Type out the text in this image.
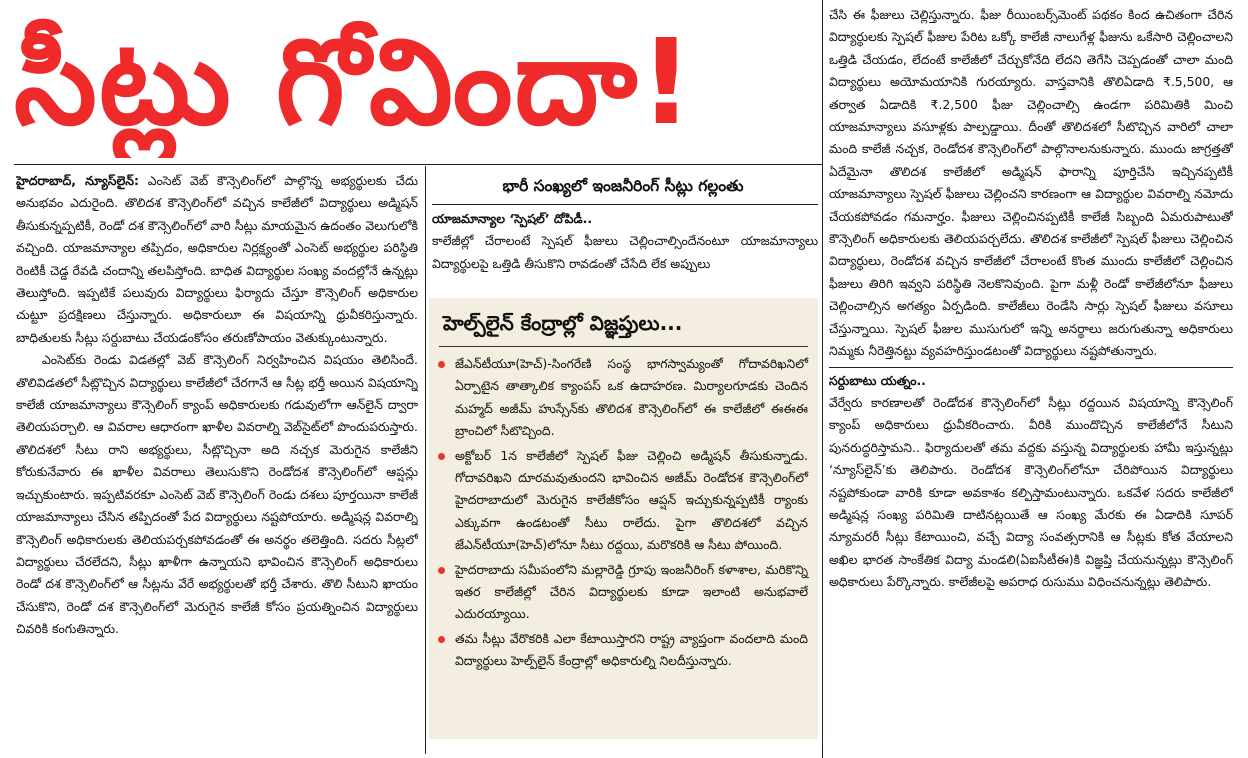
సీట్లు గోవిందా!

హైదరాబాద్, న్యూస్‌లైన్: ఎంసెట్ వెబ్ కౌన్సెలింగ్‌లో పాల్గొన్న అభ్యర్థులకు చేదు అనుభవం ఎదురైంది. తొలిదశ కౌన్సెలింగ్‌లో వచ్చిన కాలేజీలో విద్యార్థులు అడ్మిషన్ తీసుకున్నప్పటికీ, రెండో దశ కౌన్సెలింగ్‌లో వారి సీట్లు మాయమైన ఉదంతం వెలుగులోకి వచ్చింది. యాజమాన్యాల తప్పిదం, అధికారుల నిర్లక్ష్యంతో ఎంసెట్ అభ్యర్థుల పరిస్థితి రెంటికీ చెడ్డ రేవడి చందాన్ని తలపిస్తోంది. బాధిత విద్యార్థుల సంఖ్య వందల్లోనే ఉన్నట్లు తెలుస్తోంది. ఇప్పటికే పలువురు విద్యార్థులు ఫిర్యాదు చేస్తూ కౌన్సెలింగ్ అధికారుల చుట్టూ ప్రదక్షిణలు చేస్తున్నారు. అధికారులూ ఈ విషయాన్ని ధ్రువీకరిస్తున్నారు. బాధితులకు సీట్లు సర్దుబాటు చేయడంకోసం తరుణోపాయం వెతుక్కుంటున్నారు.

ఎంసెట్‌కు రెండు విడతల్లో వెబ్ కౌన్సెలింగ్ నిర్వహించిన విషయం తెలిసిందే. తొలివిడతలో సీట్లొచ్చిన విద్యార్థులు కాలేజీలో చేరగానే ఆ సీట్ల భర్తీ అయిన విషయాన్ని కాలేజీ యాజమాన్యాలు కౌన్సెలింగ్ క్యాంప్ అధికారులకు గడువులోగా ఆన్‌లైన్ ద్వారా తెలియపర్చాలి. ఆ వివరాల ఆధారంగా ఖాళీల వివరాల్ని వెబ్‌సైట్‌లో పొందుపరుస్తారు. తొలిదశలో సీటు రాని అభ్యర్థులు, సీట్లొచ్చినా అది నచ్చక మెరుగైన కాలేజీని కోరుకునేవారు ఈ ఖాళీల వివరాలు తెలుసుకొని రెండోదశ కౌన్సెలింగ్‌లో ఆప్షన్లు ఇచ్చుకుంటారు. ఇప్పటివరకూ ఎంసెట్ వెబ్ కౌన్సెలింగ్ రెండు దశలు పూర్తయినా కాలేజీ యాజమాన్యాలు చేసిన తప్పిదంతో పేద విద్యార్థులు నష్టపోయారు. అడ్మిషన్ల వివరాల్ని కౌన్సెలింగ్ అధికారులకు తెలియపర్చకపోవడంతో ఈ అనర్థం తలెత్తింది. సదరు సీట్లలో విద్యార్థులు చేరలేదని, సీట్లు ఖాళీగా ఉన్నాయని భావించిన కౌన్సెలింగ్ అధికారులు రెండో దశ కౌన్సెలింగ్‌లో ఆ సీట్లను వేరే అభ్యర్థులతో భర్తీ చేశారు. తొలి సీటుని ఖాయం చేసుకొని, రెండో దశ కౌన్సెలింగ్‌లో మెరుగైన కాలేజీ కోసం ప్రయత్నించిన విద్యార్థులు చివరికి కంగుతిన్నారు.

భారీ సంఖ్యలో ఇంజనీరింగ్ సీట్లు గల్లంతు

యాజమాన్యాల ‘స్పెషల్’ దోపిడీ..

కాలేజీల్లో చేరాలంటే స్పెషల్ ఫీజులు చెల్లించాల్సిందేనంటూ యాజమాన్యాలు విద్యార్థులపై ఒత్తిడి తీసుకొని రావడంతో చేసేది లేక అప్పులు

హెల్ప్‌లైన్ కేంద్రాల్లో విజ్ఞప్తులు...
జేఎన్‌టీయూ(హెచ్)-సింగరేణి సంస్థ భాగస్వామ్యంతో గోదావరిఖనిలో ఏర్పాటైన తాత్కాలిక క్యాంపస్ ఒక ఉదాహరణ. మిర్యాలగూడకు చెందిన మహ్మద్ అజీమ్ హుస్సేన్‌కు తొలిదశ కౌన్సెలింగ్‌లో ఈ కాలేజీలో ఈఈఈ బ్రాంచిలో సీటొచ్చింది.
అక్టోబర్ 1న కాలేజీలో స్పెషల్ ఫీజు చెల్లించి అడ్మిషన్ తీసుకున్నాడు. గోదావరిఖని దూరమవుతుందని భావించిన అజీమ్ రెండోదశ కౌన్సెలింగ్‌లో హైదరాబాదులో మెరుగైన కాలేజీకోసం ఆప్షన్ ఇచ్చుకున్నప్పటికీ ర్యాంకు ఎక్కువగా ఉండటంతో సీటు రాలేదు. పైగా తొలిదశలో వచ్చిన జేఎన్‌టీయూ(హెచ్)లోనూ సీటు రద్దయి, మరొకరికి ఆ సీటు పోయింది.
హైదరాబాదు సమీపంలోని మల్లారెడ్డి గ్రూపు ఇంజనీరింగ్ కళాశాల, మరికొన్ని ఇతర కాలేజీల్లో చేరిన విద్యార్థులకు కూడా ఇలాంటి అనుభవాలే ఎదురయ్యాయి.
తమ సీట్లు వేరొకరికి ఎలా కేటాయిస్తారని రాష్ట్ర వ్యాప్తంగా వందలాది మంది విద్యార్థులు హెల్ప్‌లైన్ కేంద్రాల్లో అధికారుల్ని నిలదీస్తున్నారు.

చేసి ఈ ఫీజులు చెల్లిస్తున్నారు. ఫీజు రీయింబర్స్‌మెంట్ పథకం కింద ఉచితంగా చేరిన విద్యార్థులకు స్పెషల్ ఫీజుల పేరిట ఒక్కో కాలేజీ నాలుగేళ్ల ఫీజును ఒకేసారి చెల్లించాలని ఒత్తిడి చేయడం, లేదంటే కాలేజీలో చేర్చుకోనేది లేదని తెగేసి చెప్పడంతో చాలా మంది విద్యార్థులు అయోమయానికి గురయ్యారు. వాస్తవానికి తొలిఏడాది ₹.5,500, ఆ తర్వాత ఏడాదికి ₹.2,500 ఫీజు చెల్లించాల్సి ఉండగా పరిమితికి మించి యాజమాన్యాలు వసూళ్లకు పాల్పడ్డాయి. దీంతో తొలిదశలో సీటొచ్చిన వారిలో చాలా మంది కాలేజీ నచ్చక, రెండోదశ కౌన్సెలింగ్‌లో పాల్గొనాలనుకున్నారు. ముందు జాగ్రత్తతో ఏదేమైనా తొలిదశ కాలేజీలో అడ్మిషన్ ఫారాన్ని పూర్తిచేసి ఇచ్చినప్పటికీ యాజమాన్యాలు స్పెషల్ ఫీజులు చెల్లించని కారణంగా ఆ విద్యార్థుల వివరాల్ని నమోదు చేయకపోవడం గమనార్హం. ఫీజులు చెల్లించినప్పటికీ కాలేజీ సిబ్బంది ఏమరుపాటుతో కౌన్సెలింగ్ అధికారులకు తెలియపర్చలేదు. తొలిదశ కాలేజీలో స్పెషల్ ఫీజులు చెల్లించిన విద్యార్థులు, రెండోదశ వచ్చిన కాలేజీలో చేరాలంటే కొంత ముందు కాలేజీలో చెల్లించిన ఫీజులు తిరిగి ఇవ్వని పరిస్థితి నెలకొనివుంది. పైగా మళ్లీ రెండో కాలేజీలోనూ ఫీజులు చెల్లించాల్సిన అగత్యం ఏర్పడింది. కాలేజీలు రెండేసి సార్లు స్పెషల్ ఫీజులు వసూలు చేస్తున్నాయి. స్పెషల్ ఫీజుల ముసుగులో ఇన్ని అనర్థాలు జరుగుతున్నా అధికారులు నిమ్మకు నీరెత్తినట్టు వ్యవహరిస్తుండటంతో విద్యార్థులు నష్టపోతున్నారు.

సర్దుబాటు యత్నం..

వేర్వేరు కారణాలతో రెండోదశ కౌన్సెలింగ్‌లో సీట్లు రద్దయిన విషయాన్ని కౌన్సెలింగ్ క్యాంప్ అధికారులు ధ్రువీకరించారు. వీరికి ముందొచ్చిన కాలేజీలోనే సీటుని పునరుద్ధరిస్తామని.. ఫిర్యాదులతో తమ వద్దకు వస్తున్న విద్యార్థులకు హామీ ఇస్తున్నట్లు ‘న్యూస్‌లైన్’కు తెలిపారు. రెండోదశ కౌన్సెలింగ్‌లోనూ చేరిపోయిన విద్యార్థులు నష్టపోకుండా వారికి కూడా అవకాశం కల్పిస్తామంటున్నారు. ఒకవేళ సదరు కాలేజీలో అడ్మిషన్ల సంఖ్య పరిమితి దాటినట్లయితే ఆ సంఖ్య మేరకు ఈ ఏడాదికి సూపర్ న్యూమరరీ సీట్లు కేటాయించి, వచ్చే విద్యా సంవత్సరానికి ఆ సీట్లకు కోత వేయాలని అఖిల భారత సాంకేతిక విద్యా మండలి(ఏఐసీటీఈ)కి విజ్ఞప్తి చేయనున్నట్లు కౌన్సెలింగ్ అధికారులు పేర్కొన్నారు. కాలేజీలపై అపరాధ రుసుము విధించనున్నట్లు తెలిపారు.
